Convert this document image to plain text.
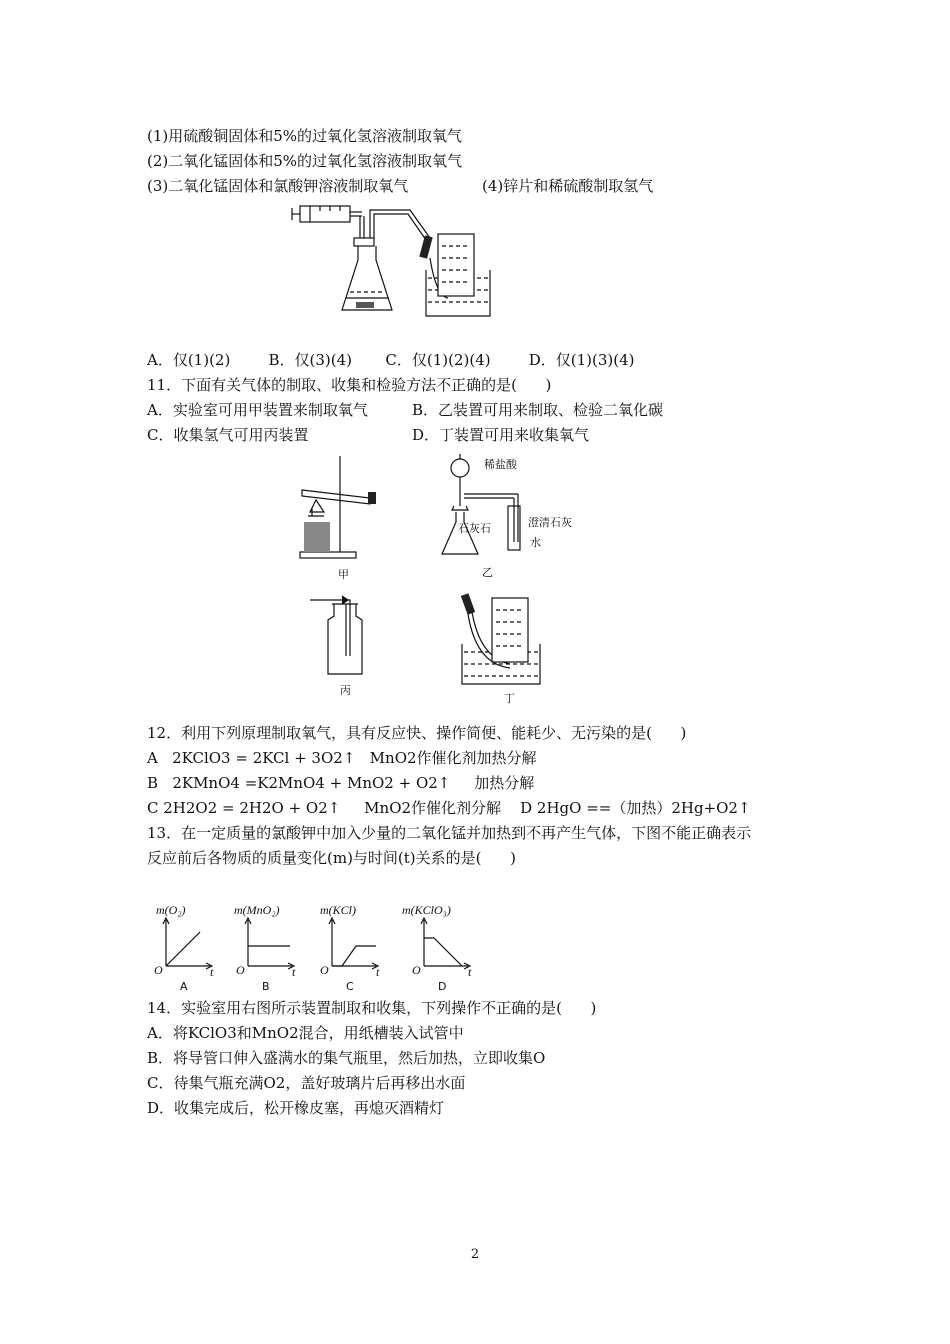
(1)用硫酸铜固体和5%的过氧化氢溶液制取氧气
(2)二氧化锰固体和5%的过氧化氢溶液制取氧气
(3)二氧化锰固体和氯酸钾溶液制取氧气	(4)锌片和稀硫酸制取氢气
A．仅(1)(2)        B．仅(3)(4)       C．仅(1)(2)(4)        D．仅(1)(3)(4)
11．下面有关气体的制取、收集和检验方法不正确的是(      )
A．实验室可用甲装置来制取氧气	B．乙装置可用来制取、检验二氧化碳
C．收集氢气可用丙装置	D．丁装置可用来收集氧气
甲
稀盐酸
石灰石	澄清石灰
水
乙
丙
丁
12．利用下列原理制取氧气，具有反应快、操作简便、能耗少、无污染的是(      )
A   2KClO3 = 2KCl + 3O2↑   MnO2作催化剂加热分解
B   2KMnO4 =K2MnO4 + MnO2 + O2↑     加热分解
C 2H2O2 = 2H2O + O2↑     MnO2作催化剂分解    D 2HgO ==（加热）2Hg+O2↑
13．在一定质量的氯酸钾中加入少量的二氧化锰并加热到不再产生气体，下图不能正确表示
反应前后各物质的质量变化(m)与时间(t)关系的是(      )
m(O₂)
O	t
A
m(MnO₂)
O	t
B
m(KCl)
O	t
C
m(KClO₃)
O	t
D
14．实验室用右图所示装置制取和收集，下列操作不正确的是(      )
A．将KClO3和MnO2混合，用纸槽装入试管中
B．将导管口伸入盛满水的集气瓶里，然后加热，立即收集O
C．待集气瓶充满O2，盖好玻璃片后再移出水面
D．收集完成后，松开橡皮塞，再熄灭酒精灯
2
